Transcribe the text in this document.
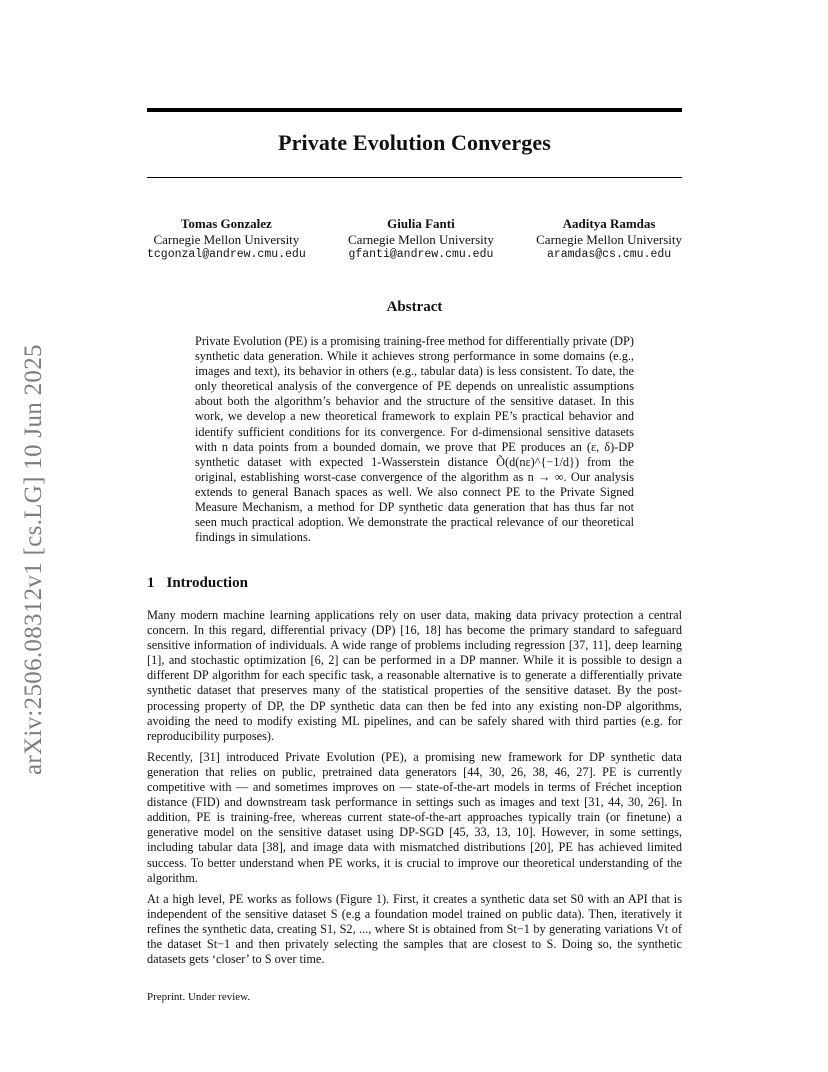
arXiv:2506.08312v1 [cs.LG] 10 Jun 2025
Private Evolution Converges
Tomas Gonzalez
Carnegie Mellon University
tcgonzal@andrew.cmu.edu
Giulia Fanti
Carnegie Mellon University
gfanti@andrew.cmu.edu
Aaditya Ramdas
Carnegie Mellon University
aramdas@cs.cmu.edu
Abstract
Private Evolution (PE) is a promising training-free method for differentially private (DP) synthetic data generation. While it achieves strong performance in some domains (e.g., images and text), its behavior in others (e.g., tabular data) is less consistent. To date, the only theoretical analysis of the convergence of PE depends on unrealistic assumptions about both the algorithm’s behavior and the structure of the sensitive dataset. In this work, we develop a new theoretical framework to explain PE’s practical behavior and identify sufficient conditions for its convergence. For d-dimensional sensitive datasets with n data points from a bounded domain, we prove that PE produces an (ε, δ)-DP synthetic dataset with expected 1-Wasserstein distance Õ(d(nε)^{−1/d}) from the original, establishing worst-case convergence of the algorithm as n → ∞. Our analysis extends to general Banach spaces as well. We also connect PE to the Private Signed Measure Mechanism, a method for DP synthetic data generation that has thus far not seen much practical adoption. We demonstrate the practical relevance of our theoretical findings in simulations.
1 Introduction

Many modern machine learning applications rely on user data, making data privacy protection a central concern. In this regard, differential privacy (DP) [16, 18] has become the primary standard to safeguard sensitive information of individuals. A wide range of problems including regression [37, 11], deep learning [1], and stochastic optimization [6, 2] can be performed in a DP manner. While it is possible to design a different DP algorithm for each specific task, a reasonable alternative is to generate a differentially private synthetic dataset that preserves many of the statistical properties of the sensitive dataset. By the post-processing property of DP, the DP synthetic data can then be fed into any existing non-DP algorithms, avoiding the need to modify existing ML pipelines, and can be safely shared with third parties (e.g. for reproducibility purposes).

Recently, [31] introduced Private Evolution (PE), a promising new framework for DP synthetic data generation that relies on public, pretrained data generators [44, 30, 26, 38, 46, 27]. PE is currently competitive with — and sometimes improves on — state-of-the-art models in terms of Fréchet inception distance (FID) and downstream task performance in settings such as images and text [31, 44, 30, 26]. In addition, PE is training-free, whereas current state-of-the-art approaches typically train (or finetune) a generative model on the sensitive dataset using DP-SGD [45, 33, 13, 10]. However, in some settings, including tabular data [38], and image data with mismatched distributions [20], PE has achieved limited success. To better understand when PE works, it is crucial to improve our theoretical understanding of the algorithm.

At a high level, PE works as follows (Figure 1). First, it creates a synthetic data set S0 with an API that is independent of the sensitive dataset S (e.g a foundation model trained on public data). Then, iteratively it refines the synthetic data, creating S1, S2, ..., where St is obtained from St−1 by generating variations Vt of the dataset St−1 and then privately selecting the samples that are closest to S. Doing so, the synthetic datasets gets ‘closer’ to S over time.

Preprint. Under review.
